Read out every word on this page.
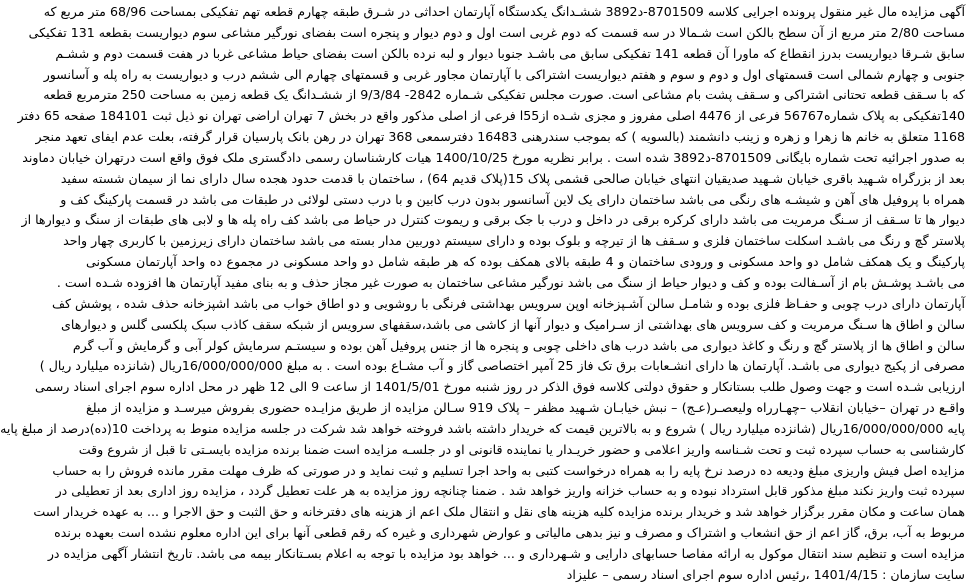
آگهی مزایده مال غیر منقول پرونده اجرایی کلاسه 8701509-د3892 ششـدانگ یکدستگاه آپارتمان احداثی در شـرق طبقه چهارم قطعه تهم تفکیکی بمساحت 68/96 متر مربع که
مساحت 2/80 متر مربع از آن سطح بالکن است شـمالا در سه قسمت که دوم غربی است اول و دوم دیوار و پنجره است بفضای نورگیر مشاعی سوم دیواریست بقطعه 131 تفکیکی
سابق شـرقا دیواریست بدرز انقطاع که ماورا آن قطعه 141 تفکیکی سابق می باشـد جنوبا دیوار و لبه نرده بالکن است بفضای حیاط مشاعی غربا در هفت قسمت دوم و ششـم
جنوبی و چهارم شمالی است قسمتهای اول و دوم و سوم و هفتم دیواریست اشتراکی با آپارتمان مجاور غربی و قسمتهای چهارم الی ششم درب و دیواریست به راه پله و آسانسور
که با سـقف قطعه تحتانی اشتراکی و سـقف پشت بام مشاعی است. صورت مجلس تفکیکی شـماره 2842- 9/3/84 از ششـدانگ یک قطعه زمین به مساحت 250 مترمربع قطعه
140تفکیکی به پلاک شماره56767 فرعی از 4476 اصلی مفروز و مجزی شـده ازl55 فرعی از اصلی مذکور واقع در بخش 7 تهران اراضی تهران نو ذیل ثبت 184101 صفحه 65 دفتر
1168 متعلق به خانم ها زهرا و زهره و زینب دانشمند (بالسویه ) که بموجب سندرهنی 16483 دفترسمعی 368 تهران در رهن بانک پارسیان قرار گرفته، بعلت عدم ایفای تعهد منجر
به صدور اجرائیه تحت شماره بایگانی 8701509-د3892 شده است . برابر نظریه مورخ 1400/10/25 هیات کارشناسان رسمی دادگستری ملک فوق واقع است درتهران خیابان دماوند
بعد از بزرگراه شـهید باقری خیابان شـهید صدیقیان انتهای خیابان صالحی قشمی پلاک 15(پلاک قدیم 64) ، ساختمان با قدمت حدود هجده سال دارای نما از سیمان شسته سفید
همراه با پروفیل های آهن و شیشـه های رنگی می باشد ساختمان دارای یک لاین آسانسور بدون درب کابین و با درب دستی لولائی در طبقات می باشد در قسمت پارکینگ کف و
دیوار ها تا سـقف از سـنگ مرمریت می باشد دارای کرکره برقی در داخل و درب با جک برقی و ریموت کنترل در حیاط می باشد کف راه پله ها و لابی های طبقات از سنگ و دیوارها از
پلاستر گچ و رنگ می باشـد اسکلت ساختمان فلزی و سـقف ها از تیرچه و بلوک بوده و دارای سیستم دوربین مدار بسته می باشد ساختمان دارای زیرزمین با کاربری چهار واحد
پارکینگ و یک همکف شامل دو واحد مسکونی و ورودی ساختمان و 4 طبقه بالای همکف بوده که هر طبقه شامل دو واحد مسکونی در مجموع ده واحد آپارتمان مسکونی
می باشـد پوشـش بام از آسـفالت بوده و کف و دیوار حیاط از سنگ می باشد نورگیر مشاعی ساختمان به صورت غیر مجاز حذف و به بنای مفید آپارتمان ها افزوده شـده است .
آپارتمان دارای درب چوبی و حفـاظ فلزی بوده و شامـل سالن آشـپزخانه اوپن سرویس بهداشتی فرنگی با روشویی و دو اطاق خواب می باشد اشپزخانه حذف شده ، پوشش کف
سالن و اطاق ها سـنگ مرمریت و کف سرویس های بهداشتی از سـرامیک و دیوار آنها از کاشی می باشد،سقفهای سرویس از شبکه سقف کاذب سبک پلکسی گلس و دیوارهای
سالن و اطاق ها از پلاستر گچ و رنگ و کاغذ دیواری می باشد درب های داخلی چوبی و پنجره ها از جنس پروفیل آهن بوده و سیستـم سرمایش کولر آبی و گرمایش و آب گرم
مصرفی از پکیج دیواری می باشـد. آپارتمان ها دارای انشـعابات برق تک فاز 25 آمپر اختصاصی گاز و آب مشـاع بوده است . به مبلغ 16/000/000/000ریال (شانزده میلیارد ریال )
ارزیابی شـده است و جهت وصول طلب بستانکار و حقوق دولتی کلاسه فوق الذکر در روز شنبه مورخ 1401/5/01 از ساعت 9 الی 12 ظهر در محل اداره سوم اجرای اسناد رسمی
واقـع در تهران –خیابان انقلاب –چهـارراه ولیعصـر(عـج) – نبش خیابـان شـهید مظفر – پلاک 919 سـالن مزایده از طریق مزایـده حضوری بفروش میرسـد و مزایده از مبلغ
پایه 16/000/000/000ریال (شانزده میلیارد ریال ) شروع و به بالاترین قیمت که خریدار داشته باشد فروخته خواهد شد شرکت در جلسه مزایده منوط به پرداخت 10(ده)درصد از مبلغ پایه
کارشناسی به حساب سپرده ثبت و تحت شـناسه واریز اعلامی و حضور خریـدار یا نماینده قانونی او در جلسـه مزایده است ضمنا برنده مزایده بایسـتی تا قبل از شروع وقت
مزایده اصل فیش واریزی مبلغ ودیعه ده درصد نرخ پایه را به همراه درخواست کتبی به واحد اجرا تسلیم و ثبت نماید و در صورتی که ظرف مهلت مقرر مانده فروش را به حساب
سپرده ثبت واریز نکند مبلغ مذکور قابل استرداد نبوده و به حساب خزانه واریز خواهد شد . ضمنا چنانچه روز مزایده به هر علت تعطیل گردد ، مزایده روز اداری بعد از تعطیلی در
همان ساعت و مکان مقرر برگزار خواهد شد و خریدار برنده مزایده کلیه هزینه های نقل و انتقال ملک اعم از هزینه های دفترخانه و حق الثبت و حق الاجرا و ... به عهده خریدار است
مربوط به آب، برق، گاز اعم از حق انشعاب و اشتراک و مصرف و نیز بدهی مالیاتی و عوارض شهرداری و غیره که رقم قطعی آنها برای این اداره معلوم نشده است بعهده برنده
مزایده است و تنظیم سند انتقال موکول به ارائه مفاصا حسابهای دارایی و شـهرداری و ... خواهد بود مزایده با توجه به اعلام بسـتانکار بیمه می باشد. تاریخ انتشار آگهی مزایده در
سایت سازمان : 1401/4/15 ،رئیس اداره سوم اجرای اسناد رسمی – علیزاد
